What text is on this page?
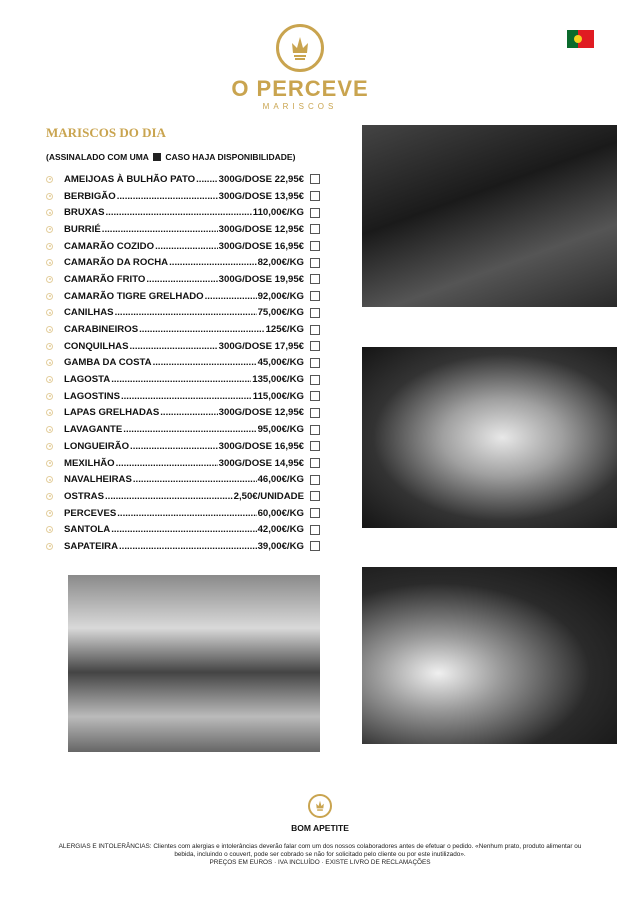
O PERCEVE
MARISCOS
MARISCOS DO DIA
(ASSINALADO COM UMA CASO HAJA DISPONIBILIDADE)
AMEIJOAS À BULHÃO PATO ..... 300G/DOSE 22,95€
BERBIGÃO .....	300G/DOSE 13,95€
BRUXAS .....	110,00€/KG
BURRIÉ .....	300G/DOSE 12,95€
CAMARÃO COZIDO .....	300G/DOSE 16,95€
CAMARÃO DA ROCHA .....	82,00€/KG
CAMARÃO FRITO .....	300G/DOSE 19,95€
CAMARÃO TIGRE GRELHADO .....	92,00€/KG
CANILHAS .....	75,00€/KG
CARABINEIROS .....	125€/KG
CONQUILHAS .....	300G/DOSE 17,95€
GAMBA DA COSTA .....	45,00€/KG
LAGOSTA .....	135,00€/KG
LAGOSTINS .....	115,00€/KG
LAPAS GRELHADAS .....	300G/DOSE 12,95€
LAVAGANTE .....	95,00€/KG
LONGUEIRÃO .....	300G/DOSE 16,95€
MEXILHÃO .....	300G/DOSE 14,95€
NAVALHEIRAS .....	46,00€/KG
OSTRAS .....	2,50€/UNIDADE
PERCEVES .....	60,00€/KG
SANTOLA .....	42,00€/KG
SAPATEIRA .....	39,00€/KG
BOM APETITE
ALERGIAS E INTOLERÂNCIAS: Clientes com alergias e intolerâncias deverão falar com um dos nossos colaboradores antes de efetuar o pedido. «Nenhum prato, produto alimentar ou bebida, incluindo o couvert, pode ser cobrado se não for solicitado pelo cliente ou por este inutilizado».
PREÇOS EM EUROS · IVA INCLUÍDO · EXISTE LIVRO DE RECLAMAÇÕES
